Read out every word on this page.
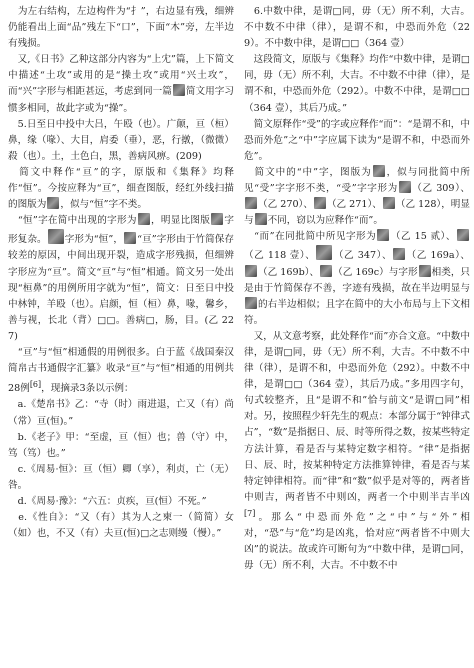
　为左右结构，左边构件为“扌”，右边显有残，细辨仍能看出上面“品”残左下“口”，下面“木”旁，左半边有残损。

　又,《日书》乙种这部分内容为“上冘”篇，上下简文中描述“土攻”或用的是“操土攻”或用“兴土攻”，而“兴”字形与相距甚远，考虑到同一篇 简文用字习惯多相同，故此字或为“操”。

　5.日至日中投中大吕，午殴（也）。广颠，亘（桓）鼻，缘（喙）、大目，肩委（垂），恶，行撴，（微微）殺（也）。土，土色白，黑，善病风痹。(209)

　简文中释作“亘”的字，原版和《集释》均释作“恒”。今按应释为“亘”，细查图版，经红外线扫描的图版为 ，似与“恒”字不类。

　“恒”字在简中出现的字形为 ，明显比图版 字形复杂。 字形为“恒”， “亘”字形由于竹简保存较差的原因，中间出现开裂，造成字形残损，但细辨字形应为“亘”。简文“亘”与“恒”相通。简文另一处出现“桓鼻”的用例所用字就为“恒”，简文：日至日中投中林钟，羊殴（也）。启颜，恒（桓）鼻，喙，馨乡，善与视，长北（背）□□。善病□，肠，目。(乙 227)

　“亘”与“恒”相通假的用例很多。白于蓝《战国秦汉简帛古书通假字汇纂》收录“亘”与“恒”相通的用例共28例[6]，现摘录3条以示例：

　a.《楚帛书》乙：“寺（时）雨进退，亡又（有）尚（常）亘(恒)。”

　b.《老子》甲：“至虚，亘（恒）也；兽（守）中，笃（笃）也。”

　c.《周易·恒》：亘（恒）卿（享），利贞，亡（无）咎。

　d.《周易·豫》：“六五：贞疾，亘(恒）不死。”

　e.《性自》：“又（有）其为人之柬一（简简）女（如）也，不又（有）夫亘(恒)□之志则缦（慢）。”

　6.中数中律，是谓□同，毋（无）所不利，大吉。不中数不中律（律），是谓不和，中恐而外危（229）。不中数中律，是谓□□（364 壹）

　这段简文，原版与《集释》均作“中数中律，是谓□同，毋（无）所不利，大吉。不中数不中律（律），是谓不和，中恐而外危（292）。中数不中律，是谓□□（364 壹），其后乃成。”

　简文原释作“受”的字或应释作“而”：“是谓不和，中恐而外危”之“中”字应属下读为“是谓不和，中恐而外危”。

　简文中的“中”字，图版为 ，似与同批简中所见“受”字字形不类，“受”字字形为 （乙 309）、（乙 270）、 （乙 271）、 （乙 128），明显与 不同，窃以为应释作“而”。

　“而”在同批简中所见字形为 （乙 15 贰）、（乙 118 壹）、 （乙 347）、 （乙 169a）、（乙 169b）、 （乙 169c）与字形 相类，只是由于竹简保存不善，字迹有残损，故在半边明显与的右半边相似；且字在简中的大小布局与上下文相符。

　又，从文意考察，此处释作“而”亦合文意。“中数中律，是谓□同，毋（无）所不利，大吉。不中数不中律（律），是谓不和，中恐而外危（292）。中数不中律，是谓□□（364 壹），其后乃成。”多用四字句，句式较整齐，且“是谓不和”恰与前文“是谓□同”相对。另，按照程少轩先生的观点：本部分属于“钟律式占”，“数”是指据日、辰、时等所得之数，按某些特定方法计算，看是否与某特定数字相符。“律”是指据日、辰、时，按某种特定方法推算钟律，看是否与某特定钟律相符。而“律”和“数”似乎是对等的，两者皆中则吉，两者皆不中则凶，两者一个中则半吉半凶[7]。那么“中恐而外危”之“中”与“外”相对，“恐”与“危”均是凶兆，恰对应“两者皆不中则大凶”的说法。故或许可断句为“中数中律，是谓□同，毋（无）所不利，大吉。不中数不中
